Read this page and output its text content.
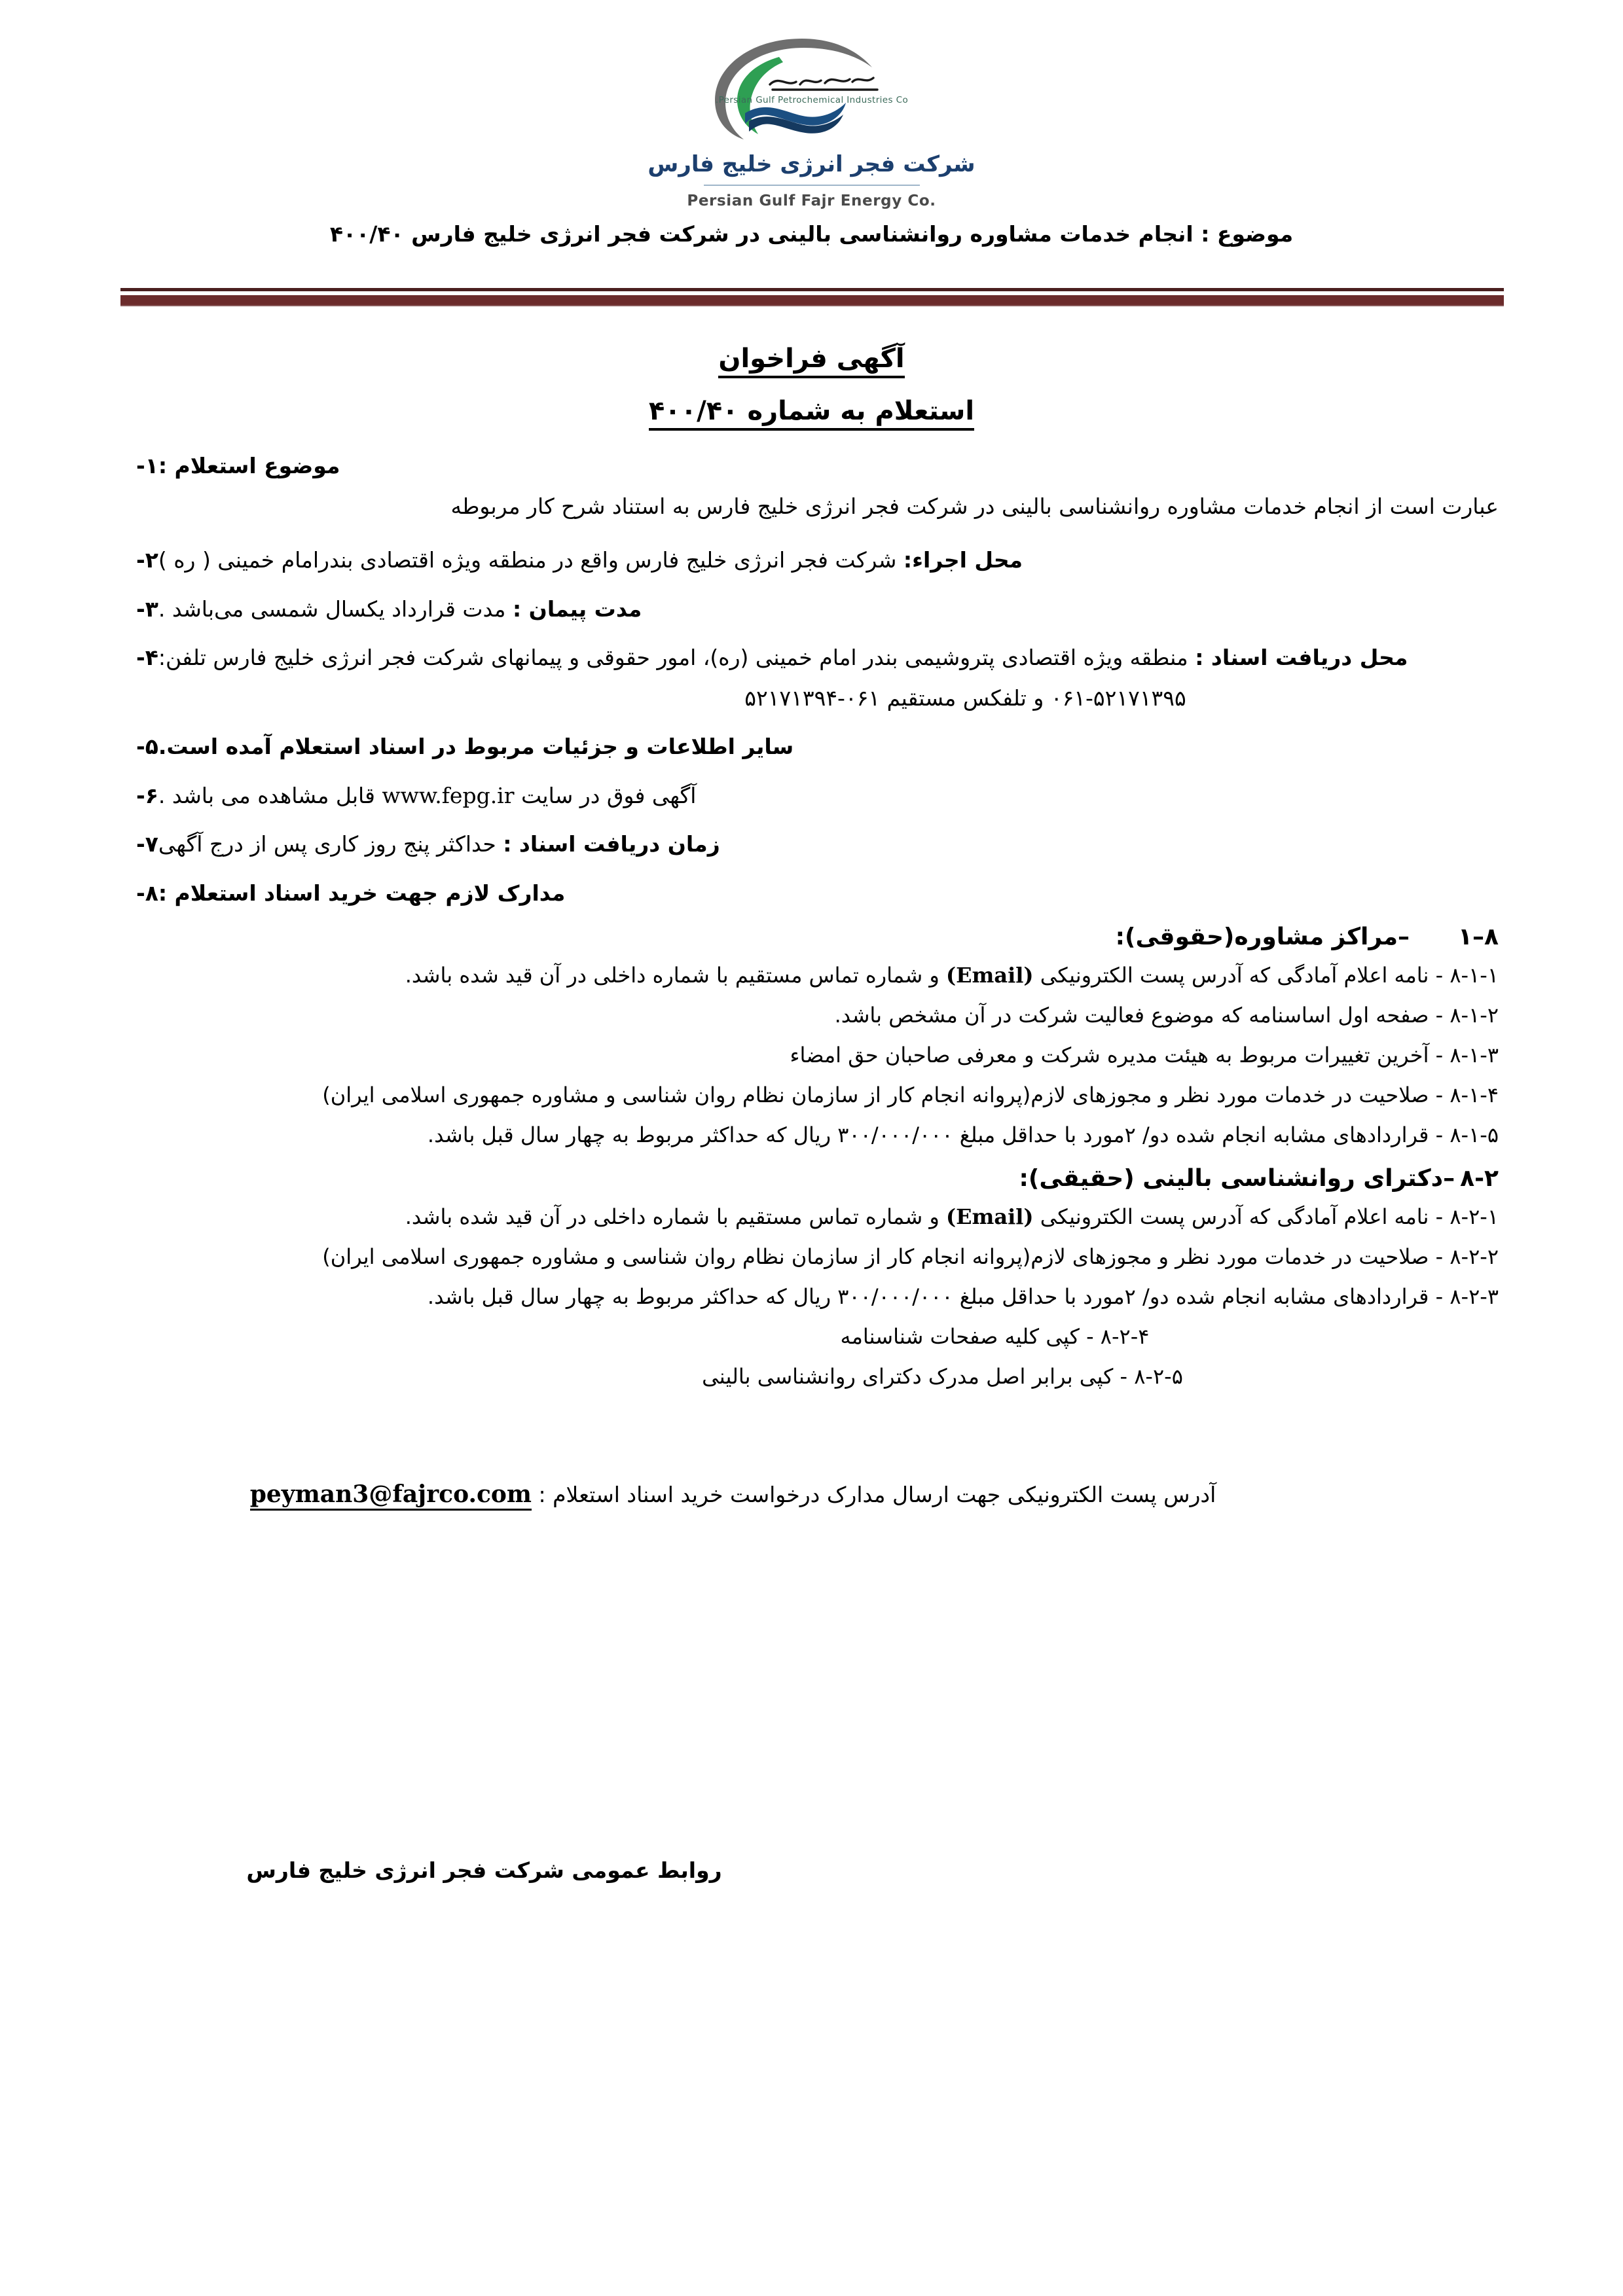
Persian Gulf Petrochemical Industries Co.
شرکت فجر انرژی خلیج فارس
Persian Gulf Fajr Energy Co.
موضوع : انجام خدمات مشاوره روانشناسی بالینی در شرکت فجر انرژی خلیج فارس ۴۰۰/۴۰
آگهی فراخوان
استعلام به شماره ۴۰۰/۴۰
موضوع استعلام :
۱-
عبارت است از انجام خدمات مشاوره روانشناسی بالینی در شرکت فجر انرژی خلیج فارس به استناد شرح کار مربوطه
محل اجراء: شرکت فجر انرژی خلیج فارس واقع در منطقه ویژه اقتصادی بندرامام خمینی ( ره )
۲-
مدت پیمان : مدت قرارداد یکسال شمسی می‌باشد .
۳-
محل دریافت اسناد : منطقه ویژه اقتصادی پتروشیمی بندر امام خمینی (ره)، امور حقوقی و پیمانهای شرکت فجر انرژی خلیج فارس تلفن:
۴-
۰۶۱-۵۲۱۷۱۳۹۵ و تلفکس مستقیم ۰۶۱-۵۲۱۷۱۳۹۴
سایر اطلاعات و جزئیات مربوط در اسناد استعلام آمده است.
۵-
آگهی فوق در سایت www.fepg.ir قابل مشاهده می باشد .
۶-
زمان دریافت اسناد : حداکثر پنج روز کاری پس از درج آگهی
۷-
مدارک لازم جهت خرید اسناد استعلام :
۸-
۸–۱–مراکز مشاوره(حقوقی):
۸-۱-۱ - نامه اعلام آمادگی که آدرس پست الکترونیکی (Email) و شماره تماس مستقیم با شماره داخلی در آن قید شده باشد.
۸-۱-۲ - صفحه اول اساسنامه که موضوع فعالیت شرکت در آن مشخص باشد.
۸-۱-۳ - آخرین تغییرات مربوط به هیئت مدیره شرکت و معرفی صاحبان حق امضاء
۸-۱-۴ - صلاحیت در خدمات مورد نظر و مجوزهای لازم(پروانه انجام کار از سازمان نظام روان شناسی و مشاوره جمهوری اسلامی ایران)
۸-۱-۵ - قراردادهای مشابه انجام شده دو/ ۲مورد با حداقل مبلغ ۳۰۰/۰۰۰/۰۰۰ ریال که حداکثر مربوط به چهار سال قبل باشد.
۸-۲–دکترای روانشناسی بالینی (حقیقی):
۸-۲-۱ - نامه اعلام آمادگی که آدرس پست الکترونیکی (Email) و شماره تماس مستقیم با شماره داخلی در آن قید شده باشد.
۸-۲-۲ - صلاحیت در خدمات مورد نظر و مجوزهای لازم(پروانه انجام کار از سازمان نظام روان شناسی و مشاوره جمهوری اسلامی ایران)
۸-۲-۳ - قراردادهای مشابه انجام شده دو/ ۲مورد با حداقل مبلغ ۳۰۰/۰۰۰/۰۰۰ ریال که حداکثر مربوط به چهار سال قبل باشد.
۸-۲-۴ - کپی کلیه صفحات شناسنامه
۸-۲-۵ - کپی برابر اصل مدرک دکترای روانشناسی بالینی
آدرس پست الکترونیکی جهت ارسال مدارک درخواست خرید اسناد استعلام : peyman3@fajrco.com
روابط عمومی شرکت فجر انرژی خلیج فارس
